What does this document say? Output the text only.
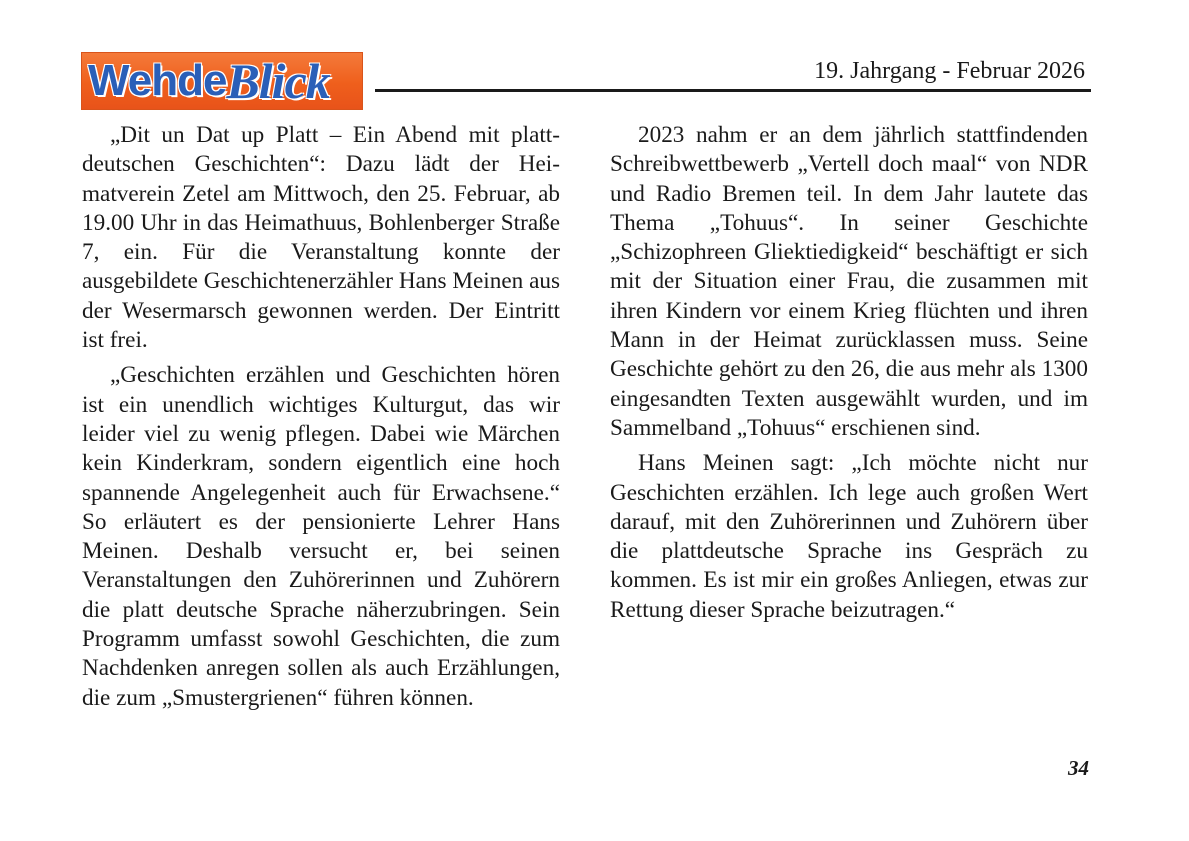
Wehde Blick	19. Jahrgang - Februar 2026

„Dit un Dat up Platt – Ein Abend mit plattdeutschen Geschichten“: Dazu lädt der Heimatverein Zetel am Mittwoch, den 25. Februar, ab 19.00 Uhr in das Heimathuus, Bohlenberger Straße 7, ein. Für die Veranstaltung konnte der ausgebildete Geschichtenerzähler Hans Meinen aus der Wesermarsch gewonnen werden. Der Eintritt ist frei.

„Geschichten erzählen und Geschichten hören ist ein unendlich wichtiges Kulturgut, das wir leider viel zu wenig pflegen. Dabei wie Märchen kein Kinderkram, sondern eigentlich eine hoch spannende Angelegenheit auch für Erwachsene.“ So erläutert es der pensionierte Lehrer Hans Meinen. Deshalb versucht er, bei seinen Veranstaltungen den Zuhörerinnen und Zuhörern die platt deutsche Sprache näherzubringen. Sein Programm umfasst sowohl Geschichten, die zum Nachdenken anregen sollen als auch Erzählungen, die zum „Smustergrienen“ führen können.

2023 nahm er an dem jährlich stattfindenden Schreibwettbewerb „Vertell doch maal“ von NDR und Radio Bremen teil. In dem Jahr lautete das Thema „Tohuus“. In seiner Geschichte „Schizophreen Gliektiedigkeid“ beschäftigt er sich mit der Situation einer Frau, die zusammen mit ihren Kindern vor einem Krieg flüchten und ihren Mann in der Heimat zurücklassen muss. Seine Geschichte gehört zu den 26, die aus mehr als 1300 eingesandten Texten ausgewählt wurden, und im Sammelband „Tohuus“ erschienen sind.

Hans Meinen sagt: „Ich möchte nicht nur Geschichten erzählen. Ich lege auch großen Wert darauf, mit den Zuhörerinnen und Zuhörern über die plattdeutsche Sprache ins Gespräch zu kommen. Es ist mir ein großes Anliegen, etwas zur Rettung dieser Sprache beizutragen.“

34
